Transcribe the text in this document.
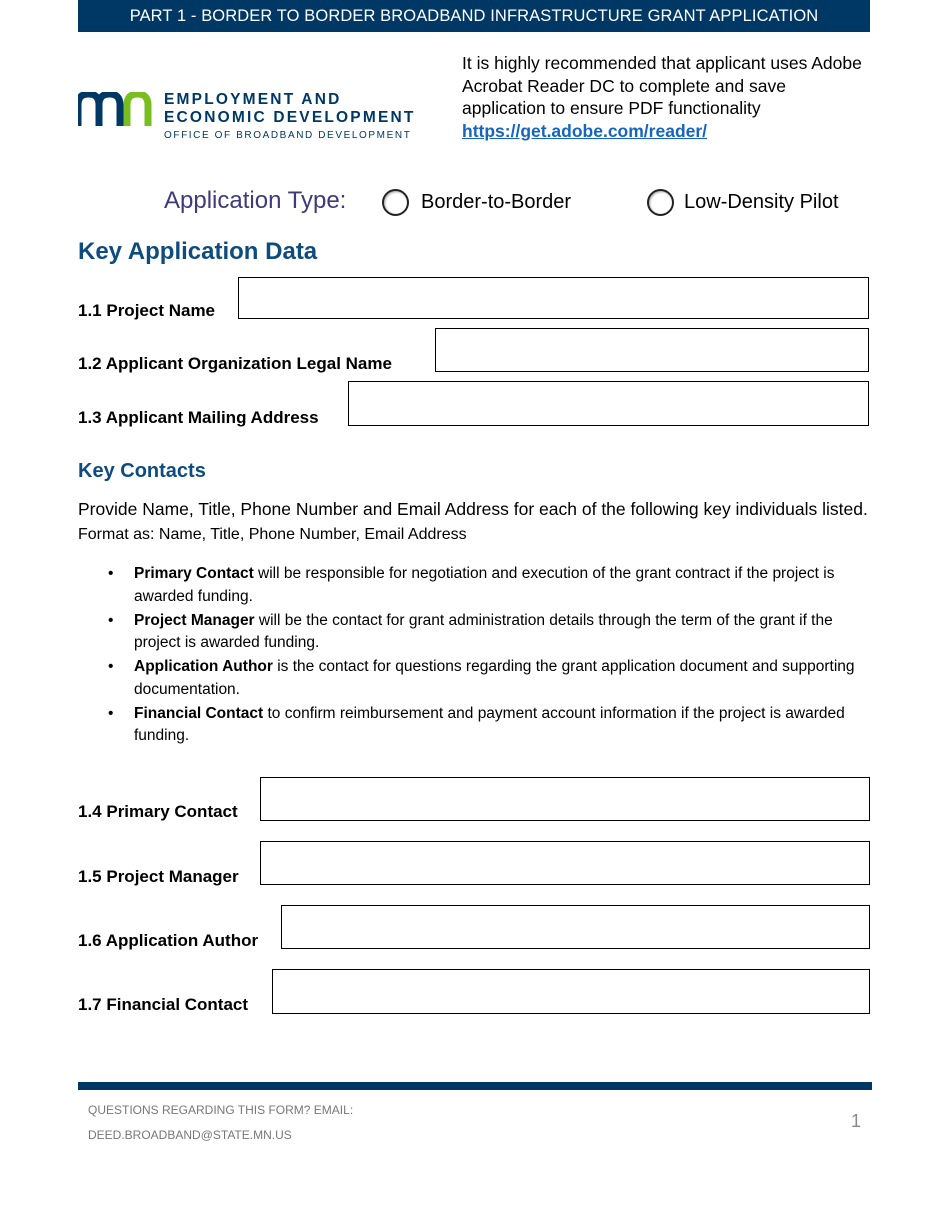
PART 1 - BORDER TO BORDER BROADBAND INFRASTRUCTURE GRANT APPLICATION
EMPLOYMENT AND
ECONOMIC DEVELOPMENT
OFFICE OF BROADBAND DEVELOPMENT
It is highly recommended that applicant uses Adobe Acrobat Reader DC to complete and save application to ensure PDF functionality https://get.adobe.com/reader/
Application Type:	Border-to-Border	Low-Density Pilot
Key Application Data
1.1 Project Name
1.2 Applicant Organization Legal Name
1.3 Applicant Mailing Address
Key Contacts
Provide Name, Title, Phone Number and Email Address for each of the following key individuals listed. Format as: Name, Title, Phone Number, Email Address
• Primary Contact will be responsible for negotiation and execution of the grant contract if the project is awarded funding.
• Project Manager will be the contact for grant administration details through the term of the grant if the project is awarded funding.
• Application Author is the contact for questions regarding the grant application document and supporting documentation.
• Financial Contact to confirm reimbursement and payment account information if the project is awarded funding.
1.4 Primary Contact
1.5 Project Manager
1.6 Application Author
1.7 Financial Contact
QUESTIONS REGARDING THIS FORM? EMAIL:
DEED.BROADBAND@STATE.MN.US
1
